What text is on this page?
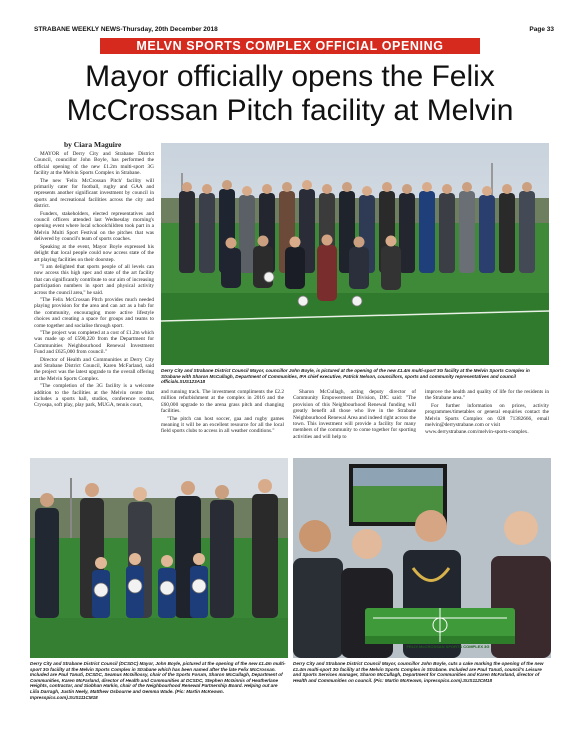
STRABANE WEEKLY NEWS-Thursday, 20th December 2018	Page 33
MELVN SPORTS COMPLEX OFFICIAL OPENING
Mayor officially opens the Felix
McCrossan Pitch facility at Melvin
by Ciara Maguire

MAYOR of Derry City and Strabane District Council, councillor John Boyle, has performed the official opening of the new £1.2m multi-sport 3G facility at the Melvin Sports Complex in Strabane.

The new 'Felix McCrossan Pitch' facility will primarily cater for football, rugby and GAA and represents another significant investment by council in sports and recreational facilities across the city and district.

Funders, stakeholders, elected representatives and council officers attended last Wednesday morning's opening event where local schoolchildren took part in a Melvin Multi Sport Festival on the pitches that was delivered by council's team of sports coaches.

Speaking at the event, Mayor Boyle expressed his delight that local people could now access state of the art playing facilities on their doorstep.

"I am delighted that sports people of all levels can now access this high spec and state of the art facility that can significantly contribute to our aim of increasing participation numbers in sport and physical activity across the council area," he said.

"The Felix McCrossan Pitch provides much needed playing provision for the area and can act as a hub for the community, encouraging more active lifestyle choices and creating a space for groups and teams to come together and socialise through sport.

"The project was completed at a cost of £1.2m which was made up of £590,220 from the Department for Communities Neighbourhood Renewal Investment Fund and £625,000 from council."

Director of Health and Communities at Derry City and Strabane District Council, Karen McFarland, said the project was the latest upgrade to the overall offering at the Melvin Sports Complex.

"The completion of the 3G facility is a welcome addition to the facilities at the Melvin centre that includes a sports hall, studios, conference rooms, Cryospa, soft play, play park, MUGA, tennis court,

Derry City and Strabane District Council Mayor, councillor John Boyle, is pictured at the opening of the new £1.4m multi-sport 3G facility at the Melvin Sports Complex in Strabane with Sharon McCullagh, Department of Communities, IFA chief executive, Patrick Nelson, councillors, sports and community representatives and council officials.SUS123A18

and running track. The investment compliments the £2.2 million refurbishment at the complex in 2016 and the £60,000 upgrade to the arena grass pitch and changing facilities.

"The pitch can host soccer, gaa and rugby games meaning it will be an excellent resource for all the local field sports clubs to access in all weather conditions."

Sharon McCullagh, acting deputy director of Community Empowerment Division, DfC said: "The provision of this Neighbourhood Renewal funding will greatly benefit all those who live in the Strabane Neighbourhood Renewal Area and indeed right across the town. This investment will provide a facility for many members of the community to come together for sporting activities and will help to

improve the health and quality of life for the residents in the Strabane area."

For further information on prices, activity programmes/timetables or general enquiries contact the Melvin Sports Complex on 028 71382666, email melvin@derrystrabane.com or visit

www.derrystrabane.com/melvin-sports-complex.

Derry City and Strabane District Council (DCSDC) Mayor, John Boyle, pictured at the opening of the new £1.4m multi-sport 3G facility at the Melvin Sports Complex in Strabane which has been named after the late Felix McCrossan. Included are Paul Tanuti, DCSDC, Seamus McGillossy, chair of the Sports Forum, Sharon McCullagh, Department of Communities, Karen McFarland, director of Health and Communities at DCSDC, Stephen McGinnis of Heatherlane Heights, contractor, and Siobhan Harkin, chair of the Neighbourhood Renewal Partnership Board. Helping out are Lilia Darragh, Justin Neely, Matthew Osbourne and Gemma Wade. (Pic: Martin McKeown. Inpresspics.com).SUS111CM18
FELIX McCROSSAN SPORTS COMPLEX 3G
Derry City and Strabane District Council Mayor, councillor John Boyle, cuts a cake marking the opening of the new £1.4m multi-sport 3G facility at the Melvin Sports Complex in Strabane. Included are Paul Tanuti, council's Leisure and Sports Services manager, Sharon McCullagh, Department for Communities and Karen McFarland, director of Health and Communities on council. (Pic: Martin McKeown, inpresspics.com).SUS112CM18
